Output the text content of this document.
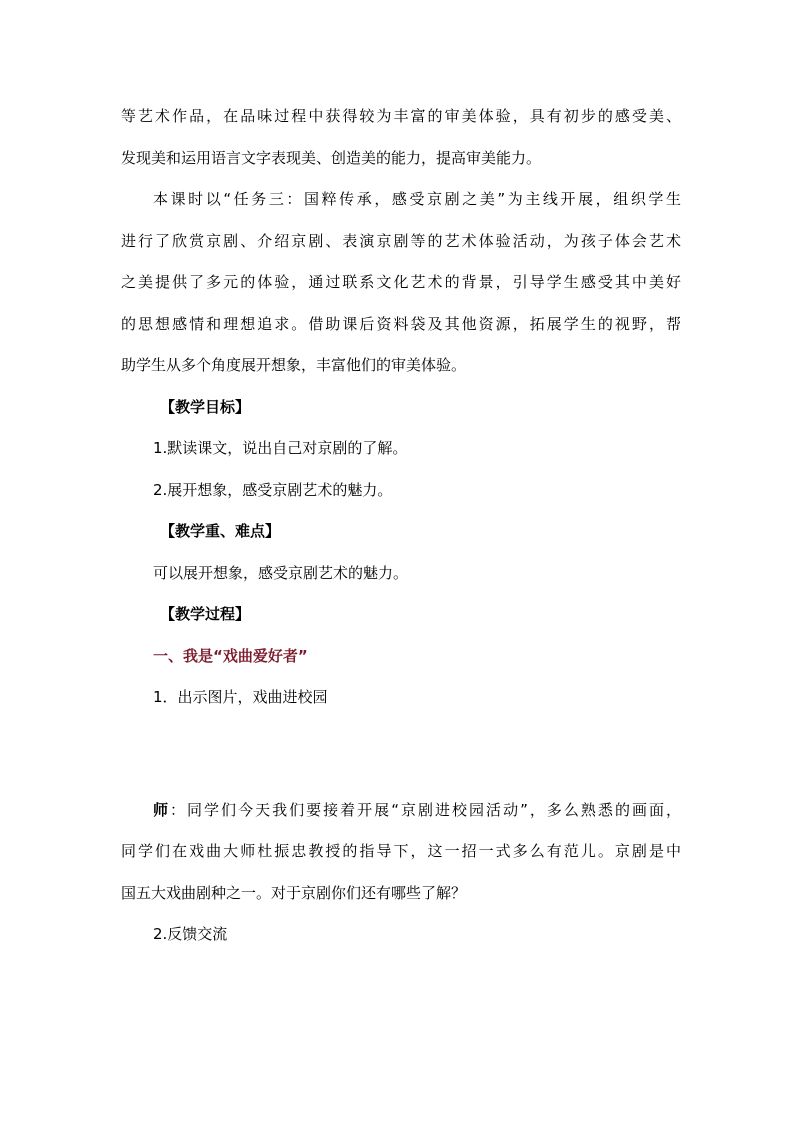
等艺术作品，在品味过程中获得较为丰富的审美体验，具有初步的感受美、
发现美和运用语言文字表现美、创造美的能力，提高审美能力。
本课时以“任务三：国粹传承，感受京剧之美”为主线开展，组织学生
进行了欣赏京剧、介绍京剧、表演京剧等的艺术体验活动，为孩子体会艺术
之美提供了多元的体验，通过联系文化艺术的背景，引导学生感受其中美好
的思想感情和理想追求。借助课后资料袋及其他资源，拓展学生的视野，帮
助学生从多个角度展开想象，丰富他们的审美体验。
【教学目标】
1.默读课文，说出自己对京剧的了解。
2.展开想象，感受京剧艺术的魅力。
【教学重、难点】
可以展开想象，感受京剧艺术的魅力。
【教学过程】
一、我是“戏曲爱好者”
1．出示图片，戏曲进校园
师：同学们今天我们要接着开展“京剧进校园活动”，多么熟悉的画面，
同学们在戏曲大师杜振忠教授的指导下，这一招一式多么有范儿。京剧是中
国五大戏曲剧种之一。对于京剧你们还有哪些了解？
2.反馈交流
